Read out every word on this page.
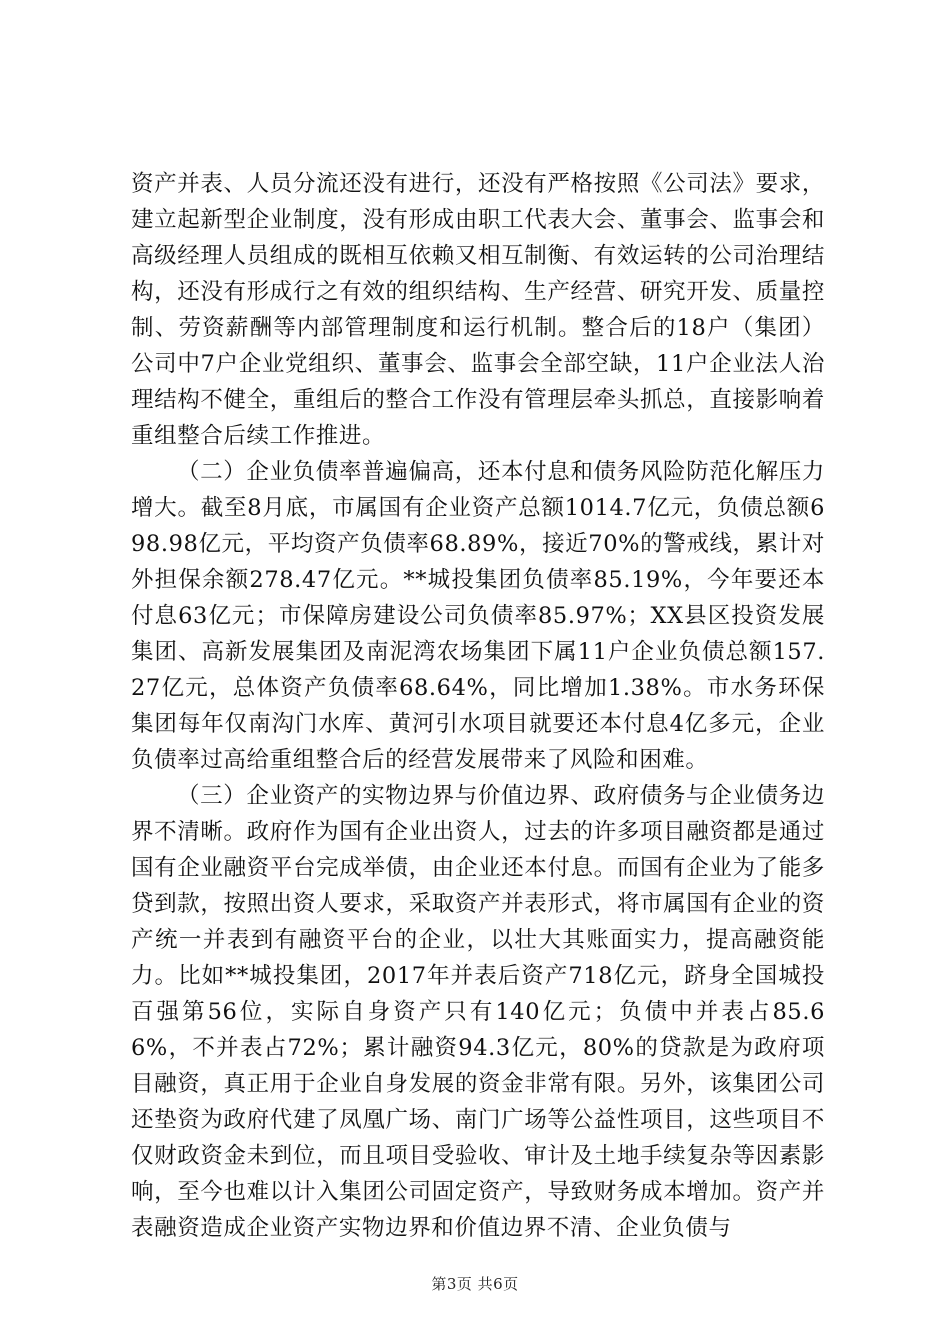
资产并表、人员分流还没有进行，还没有严格按照《公司法》要求，建立起新型企业制度，没有形成由职工代表大会、董事会、监事会和高级经理人员组成的既相互依赖又相互制衡、有效运转的公司治理结构，还没有形成行之有效的组织结构、生产经营、研究开发、质量控制、劳资薪酬等内部管理制度和运行机制。整合后的18户（集团）公司中7户企业党组织、董事会、监事会全部空缺，11户企业法人治理结构不健全，重组后的整合工作没有管理层牵头抓总，直接影响着重组整合后续工作推进。

（二）企业负债率普遍偏高，还本付息和债务风险防范化解压力增大。截至8月底，市属国有企业资产总额1014.7亿元，负债总额698.98亿元，平均资产负债率68.89%，接近70%的警戒线，累计对外担保余额278.47亿元。**城投集团负债率85.19%，今年要还本付息63亿元；市保障房建设公司负债率85.97%；XX县区投资发展集团、高新发展集团及南泥湾农场集团下属11户企业负债总额157.27亿元，总体资产负债率68.64%，同比增加1.38%。市水务环保集团每年仅南沟门水库、黄河引水项目就要还本付息4亿多元，企业负债率过高给重组整合后的经营发展带来了风险和困难。

（三）企业资产的实物边界与价值边界、政府债务与企业债务边界不清晰。政府作为国有企业出资人，过去的许多项目融资都是通过国有企业融资平台完成举债，由企业还本付息。而国有企业为了能多贷到款，按照出资人要求，采取资产并表形式，将市属国有企业的资产统一并表到有融资平台的企业，以壮大其账面实力，提高融资能力。比如**城投集团，2017年并表后资产718亿元，跻身全国城投百强第56位，实际自身资产只有140亿元；负债中并表占85.66%，不并表占72%；累计融资94.3亿元，80%的贷款是为政府项目融资，真正用于企业自身发展的资金非常有限。另外，该集团公司还垫资为政府代建了凤凰广场、南门广场等公益性项目，这些项目不仅财政资金未到位，而且项目受验收、审计及土地手续复杂等因素影响，至今也难以计入集团公司固定资产，导致财务成本增加。资产并表融资造成企业资产实物边界和价值边界不清、企业负债与

第3页 共6页
